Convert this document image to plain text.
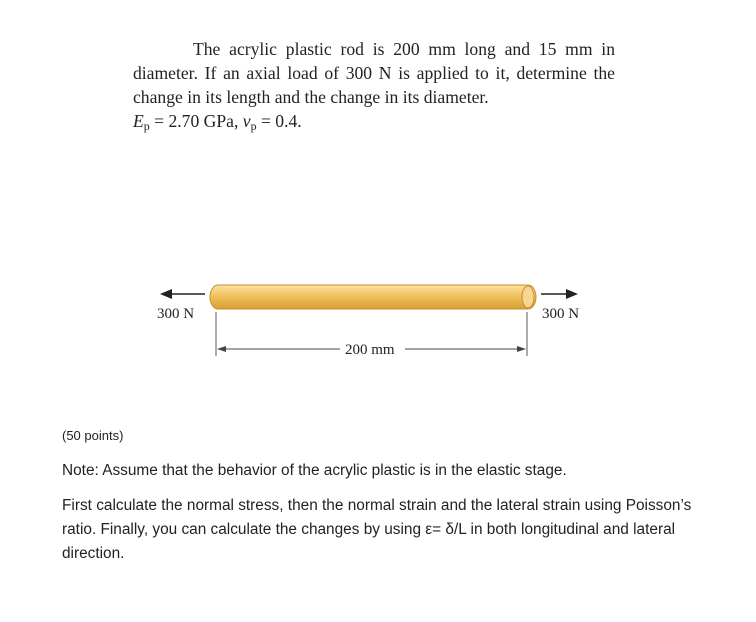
The acrylic plastic rod is 200 mm long and 15 mm in diameter. If an axial load of 300 N is applied to it, determine the change in its length and the change in its diameter.
$E_p = 2.70$ GPa, $\nu_p = 0.4$.

300 N	300 N
200 mm

(50 points)

Note: Assume that the behavior of the acrylic plastic is in the elastic stage.

First calculate the normal stress, then the normal strain and the lateral strain using Poisson’s ratio. Finally, you can calculate the changes by using ε= δ/L in both longitudinal and lateral direction.
